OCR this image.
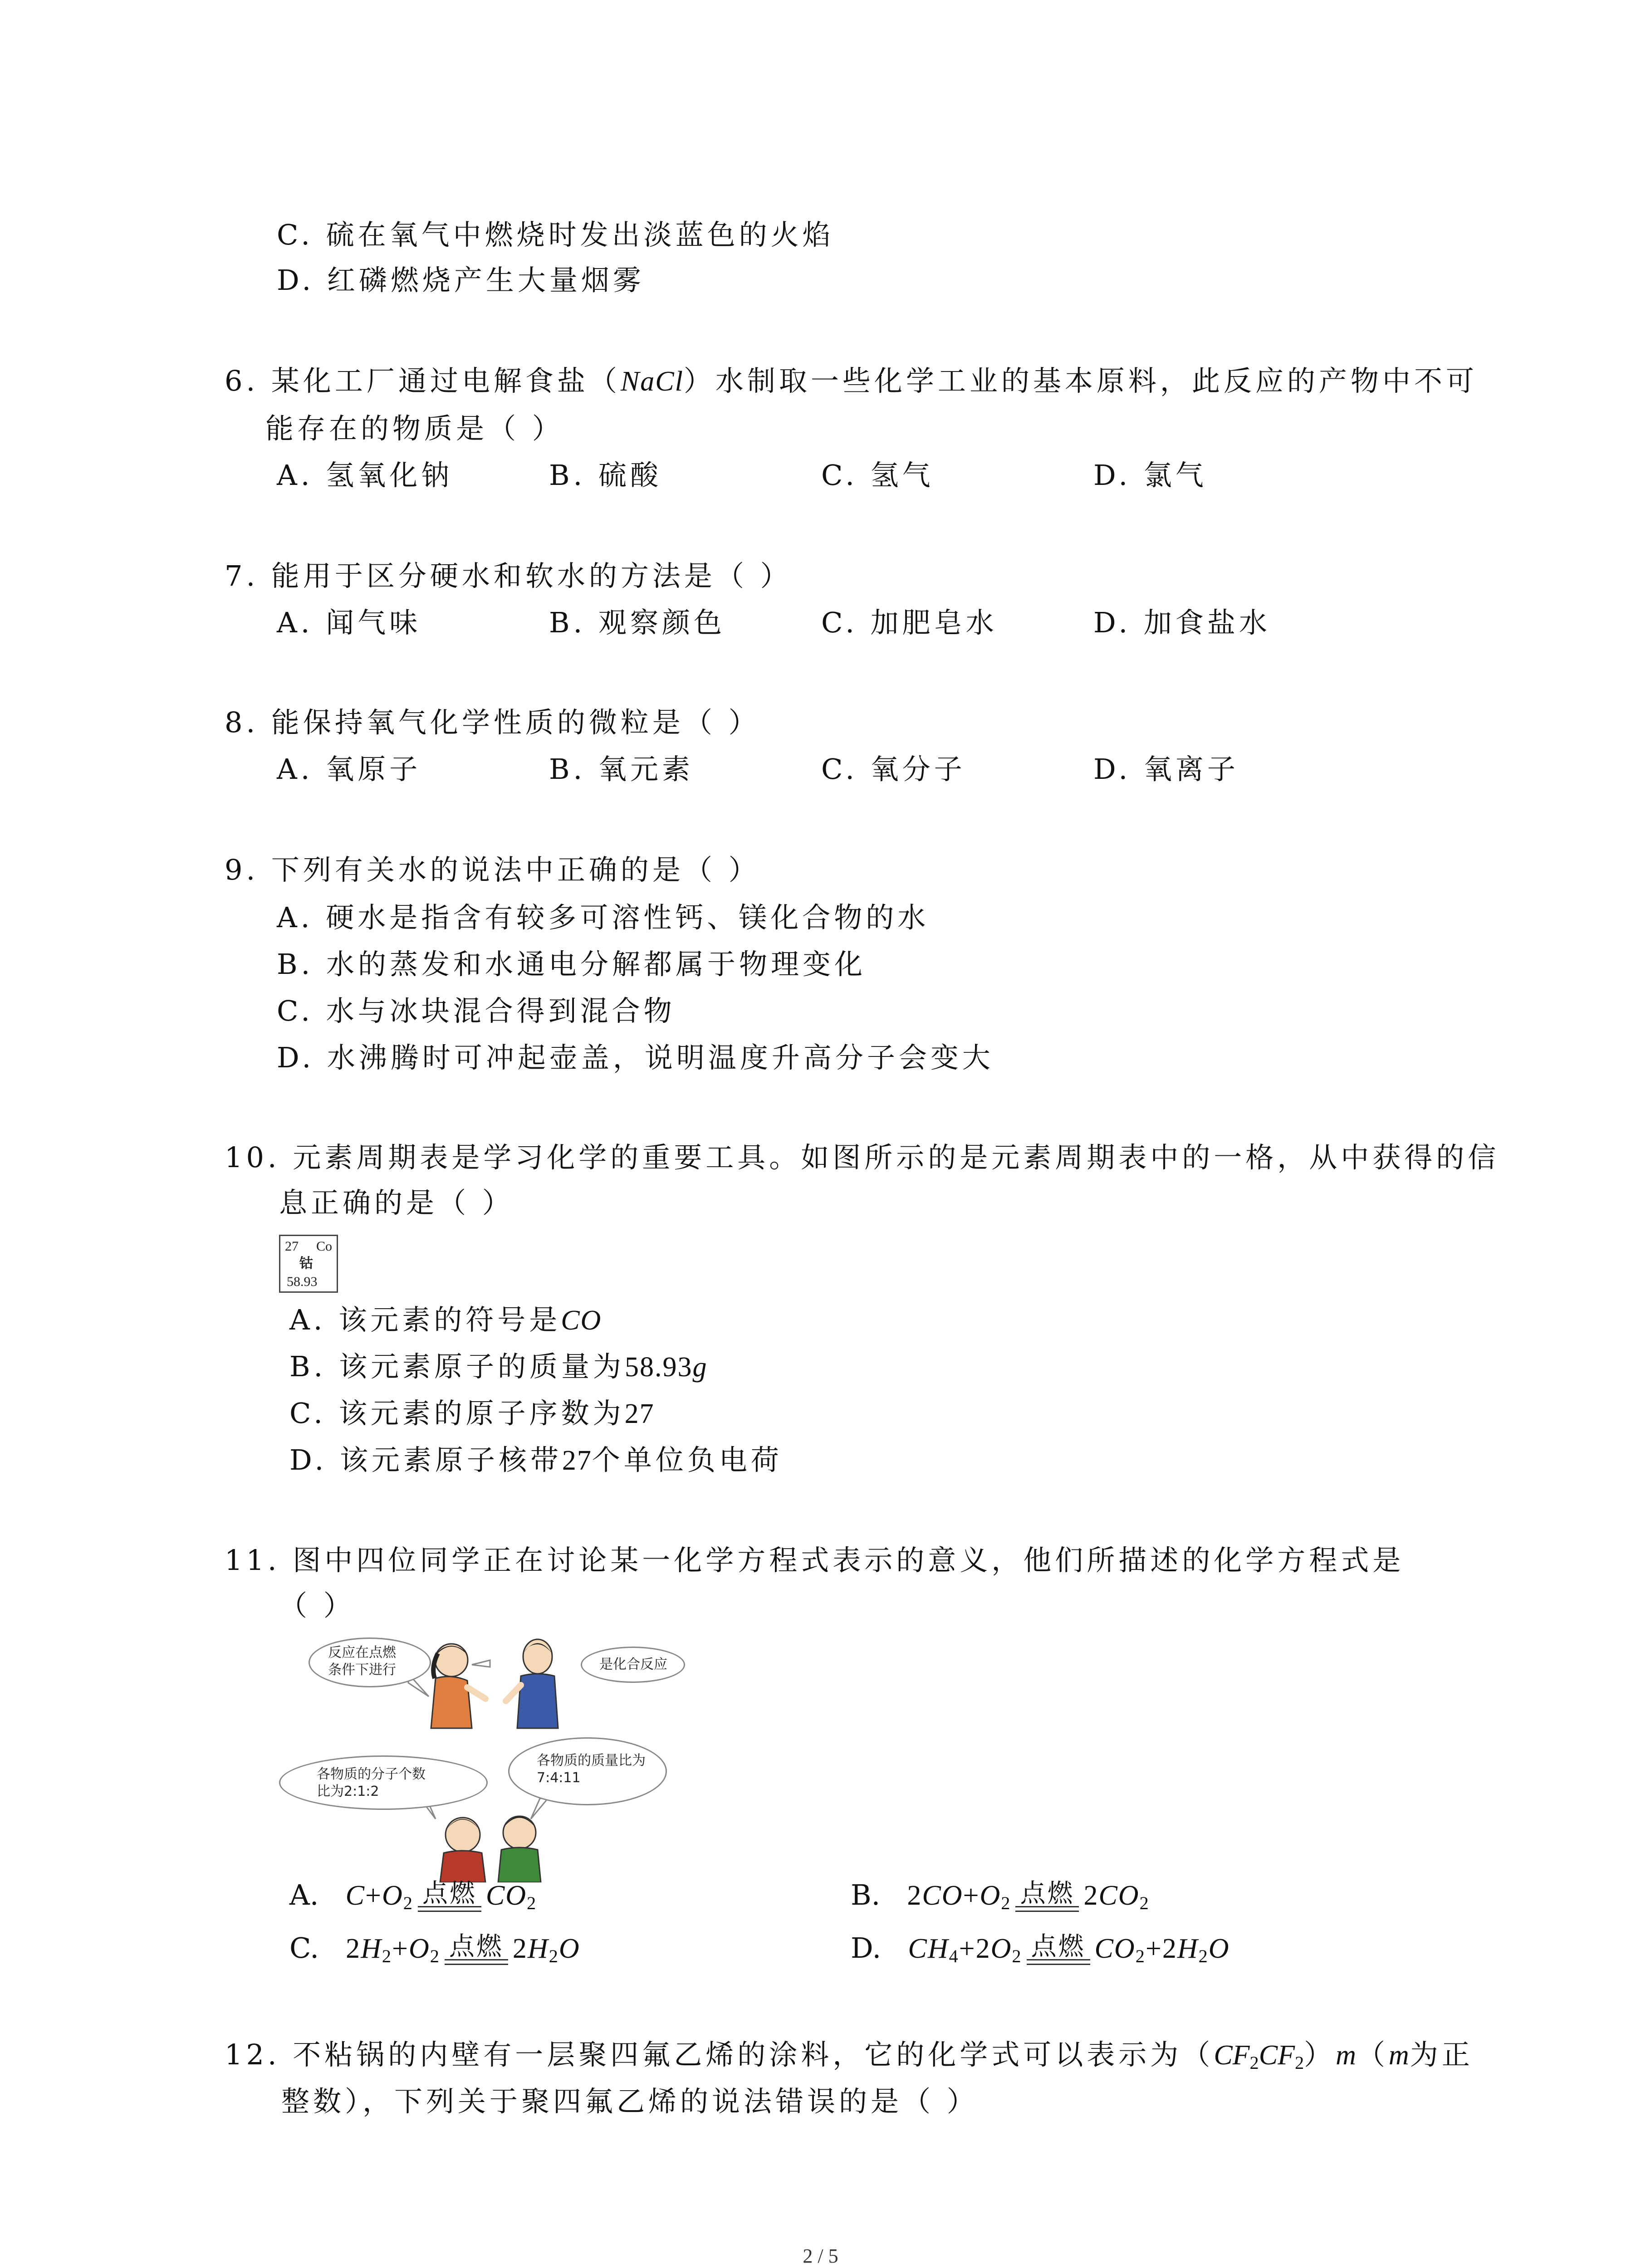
C. 硫在氧气中燃烧时发出淡蓝色的火焰
D. 红磷燃烧产生大量烟雾
6. 某化工厂通过电解食盐（NaCl）水制取一些化学工业的基本原料，此反应的产物中不可
能存在的物质是（ ）
A. 氢氧化钠	B. 硫酸	C. 氢气	D. 氯气
7. 能用于区分硬水和软水的方法是（ ）
A. 闻气味	B. 观察颜色	C. 加肥皂水	D. 加食盐水
8. 能保持氧气化学性质的微粒是（ ）
A. 氧原子	B. 氧元素	C. 氧分子	D. 氧离子
9. 下列有关水的说法中正确的是（ ）
A. 硬水是指含有较多可溶性钙、镁化合物的水
B. 水的蒸发和水通电分解都属于物理变化
C. 水与冰块混合得到混合物
D. 水沸腾时可冲起壶盖，说明温度升高分子会变大
10. 元素周期表是学习化学的重要工具。如图所示的是元素周期表中的一格，从中获得的信
息正确的是（ ）
27 Co
钴
58.93
A. 该元素的符号是CO
B. 该元素原子的质量为58.93g
C. 该元素的原子序数为27
D. 该元素原子核带27个单位负电荷
11. 图中四位同学正在讨论某一化学方程式表示的意义，他们所描述的化学方程式是
（ ）
反应在点燃
条件下进行	是化合反应
各物质的分子个数
比为2:1:2
各物质的质量比为
7:4:11
A. $C+O_2$ 点燃 $CO_2$	B. $2CO+O_2$ 点燃 $2CO_2$
C. $2H_2+O_2$ 点燃 $2H_2O$	D. $CH_4+2O_2$ 点燃 $CO_2+2H_2O$
12. 不粘锅的内壁有一层聚四氟乙烯的涂料，它的化学式可以表示为$(CF_2CF_2)m(m$为正
整数），下列关于聚四氟乙烯的说法错误的是（ ）
2 / 5
